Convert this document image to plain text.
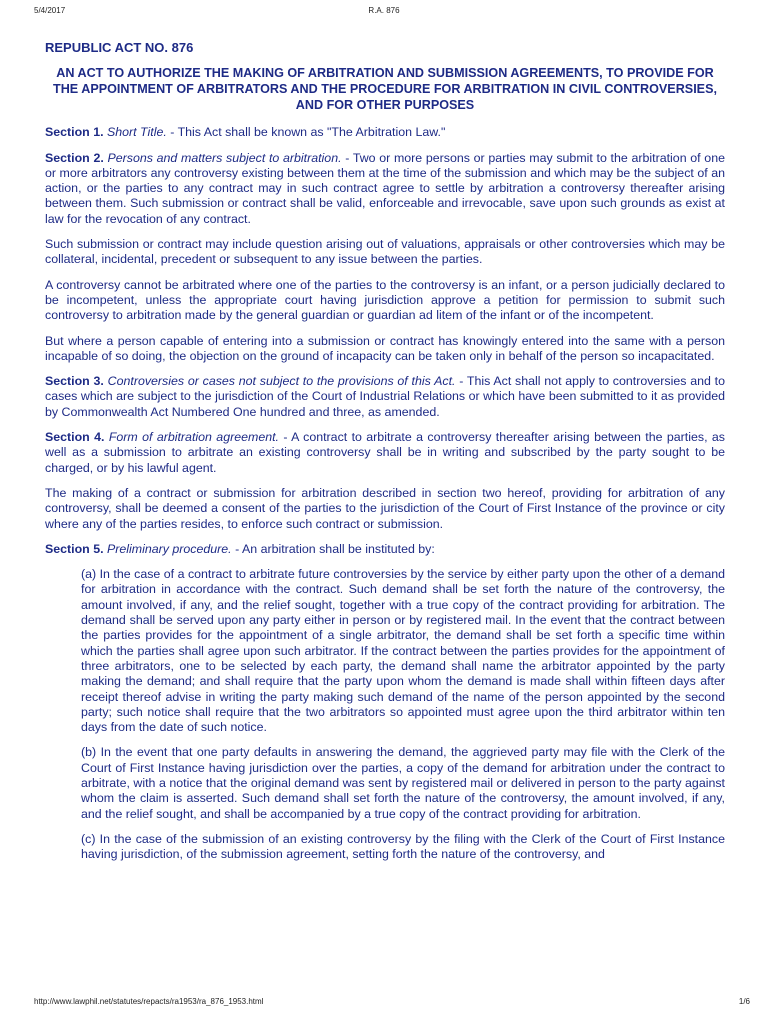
5/4/2017	R.A. 876
REPUBLIC ACT NO. 876
AN ACT TO AUTHORIZE THE MAKING OF ARBITRATION AND SUBMISSION AGREEMENTS, TO PROVIDE FOR THE APPOINTMENT OF ARBITRATORS AND THE PROCEDURE FOR ARBITRATION IN CIVIL CONTROVERSIES, AND FOR OTHER PURPOSES

Section 1. Short Title. - This Act shall be known as "The Arbitration Law."

Section 2. Persons and matters subject to arbitration. - Two or more persons or parties may submit to the arbitration of one or more arbitrators any controversy existing between them at the time of the submission and which may be the subject of an action, or the parties to any contract may in such contract agree to settle by arbitration a controversy thereafter arising between them. Such submission or contract shall be valid, enforceable and irrevocable, save upon such grounds as exist at law for the revocation of any contract.

Such submission or contract may include question arising out of valuations, appraisals or other controversies which may be collateral, incidental, precedent or subsequent to any issue between the parties.

A controversy cannot be arbitrated where one of the parties to the controversy is an infant, or a person judicially declared to be incompetent, unless the appropriate court having jurisdiction approve a petition for permission to submit such controversy to arbitration made by the general guardian or guardian ad litem of the infant or of the incompetent.

But where a person capable of entering into a submission or contract has knowingly entered into the same with a person incapable of so doing, the objection on the ground of incapacity can be taken only in behalf of the person so incapacitated.

Section 3. Controversies or cases not subject to the provisions of this Act. - This Act shall not apply to controversies and to cases which are subject to the jurisdiction of the Court of Industrial Relations or which have been submitted to it as provided by Commonwealth Act Numbered One hundred and three, as amended.

Section 4. Form of arbitration agreement. - A contract to arbitrate a controversy thereafter arising between the parties, as well as a submission to arbitrate an existing controversy shall be in writing and subscribed by the party sought to be charged, or by his lawful agent.

The making of a contract or submission for arbitration described in section two hereof, providing for arbitration of any controversy, shall be deemed a consent of the parties to the jurisdiction of the Court of First Instance of the province or city where any of the parties resides, to enforce such contract or submission.

Section 5. Preliminary procedure. - An arbitration shall be instituted by:

(a) In the case of a contract to arbitrate future controversies by the service by either party upon the other of a demand for arbitration in accordance with the contract. Such demand shall be set forth the nature of the controversy, the amount involved, if any, and the relief sought, together with a true copy of the contract providing for arbitration. The demand shall be served upon any party either in person or by registered mail. In the event that the contract between the parties provides for the appointment of a single arbitrator, the demand shall be set forth a specific time within which the parties shall agree upon such arbitrator. If the contract between the parties provides for the appointment of three arbitrators, one to be selected by each party, the demand shall name the arbitrator appointed by the party making the demand; and shall require that the party upon whom the demand is made shall within fifteen days after receipt thereof advise in writing the party making such demand of the name of the person appointed by the second party; such notice shall require that the two arbitrators so appointed must agree upon the third arbitrator within ten days from the date of such notice.

(b) In the event that one party defaults in answering the demand, the aggrieved party may file with the Clerk of the Court of First Instance having jurisdiction over the parties, a copy of the demand for arbitration under the contract to arbitrate, with a notice that the original demand was sent by registered mail or delivered in person to the party against whom the claim is asserted. Such demand shall set forth the nature of the controversy, the amount involved, if any, and the relief sought, and shall be accompanied by a true copy of the contract providing for arbitration.

(c) In the case of the submission of an existing controversy by the filing with the Clerk of the Court of First Instance having jurisdiction, of the submission agreement, setting forth the nature of the controversy, and

http://www.lawphil.net/statutes/repacts/ra1953/ra_876_1953.html	1/6
